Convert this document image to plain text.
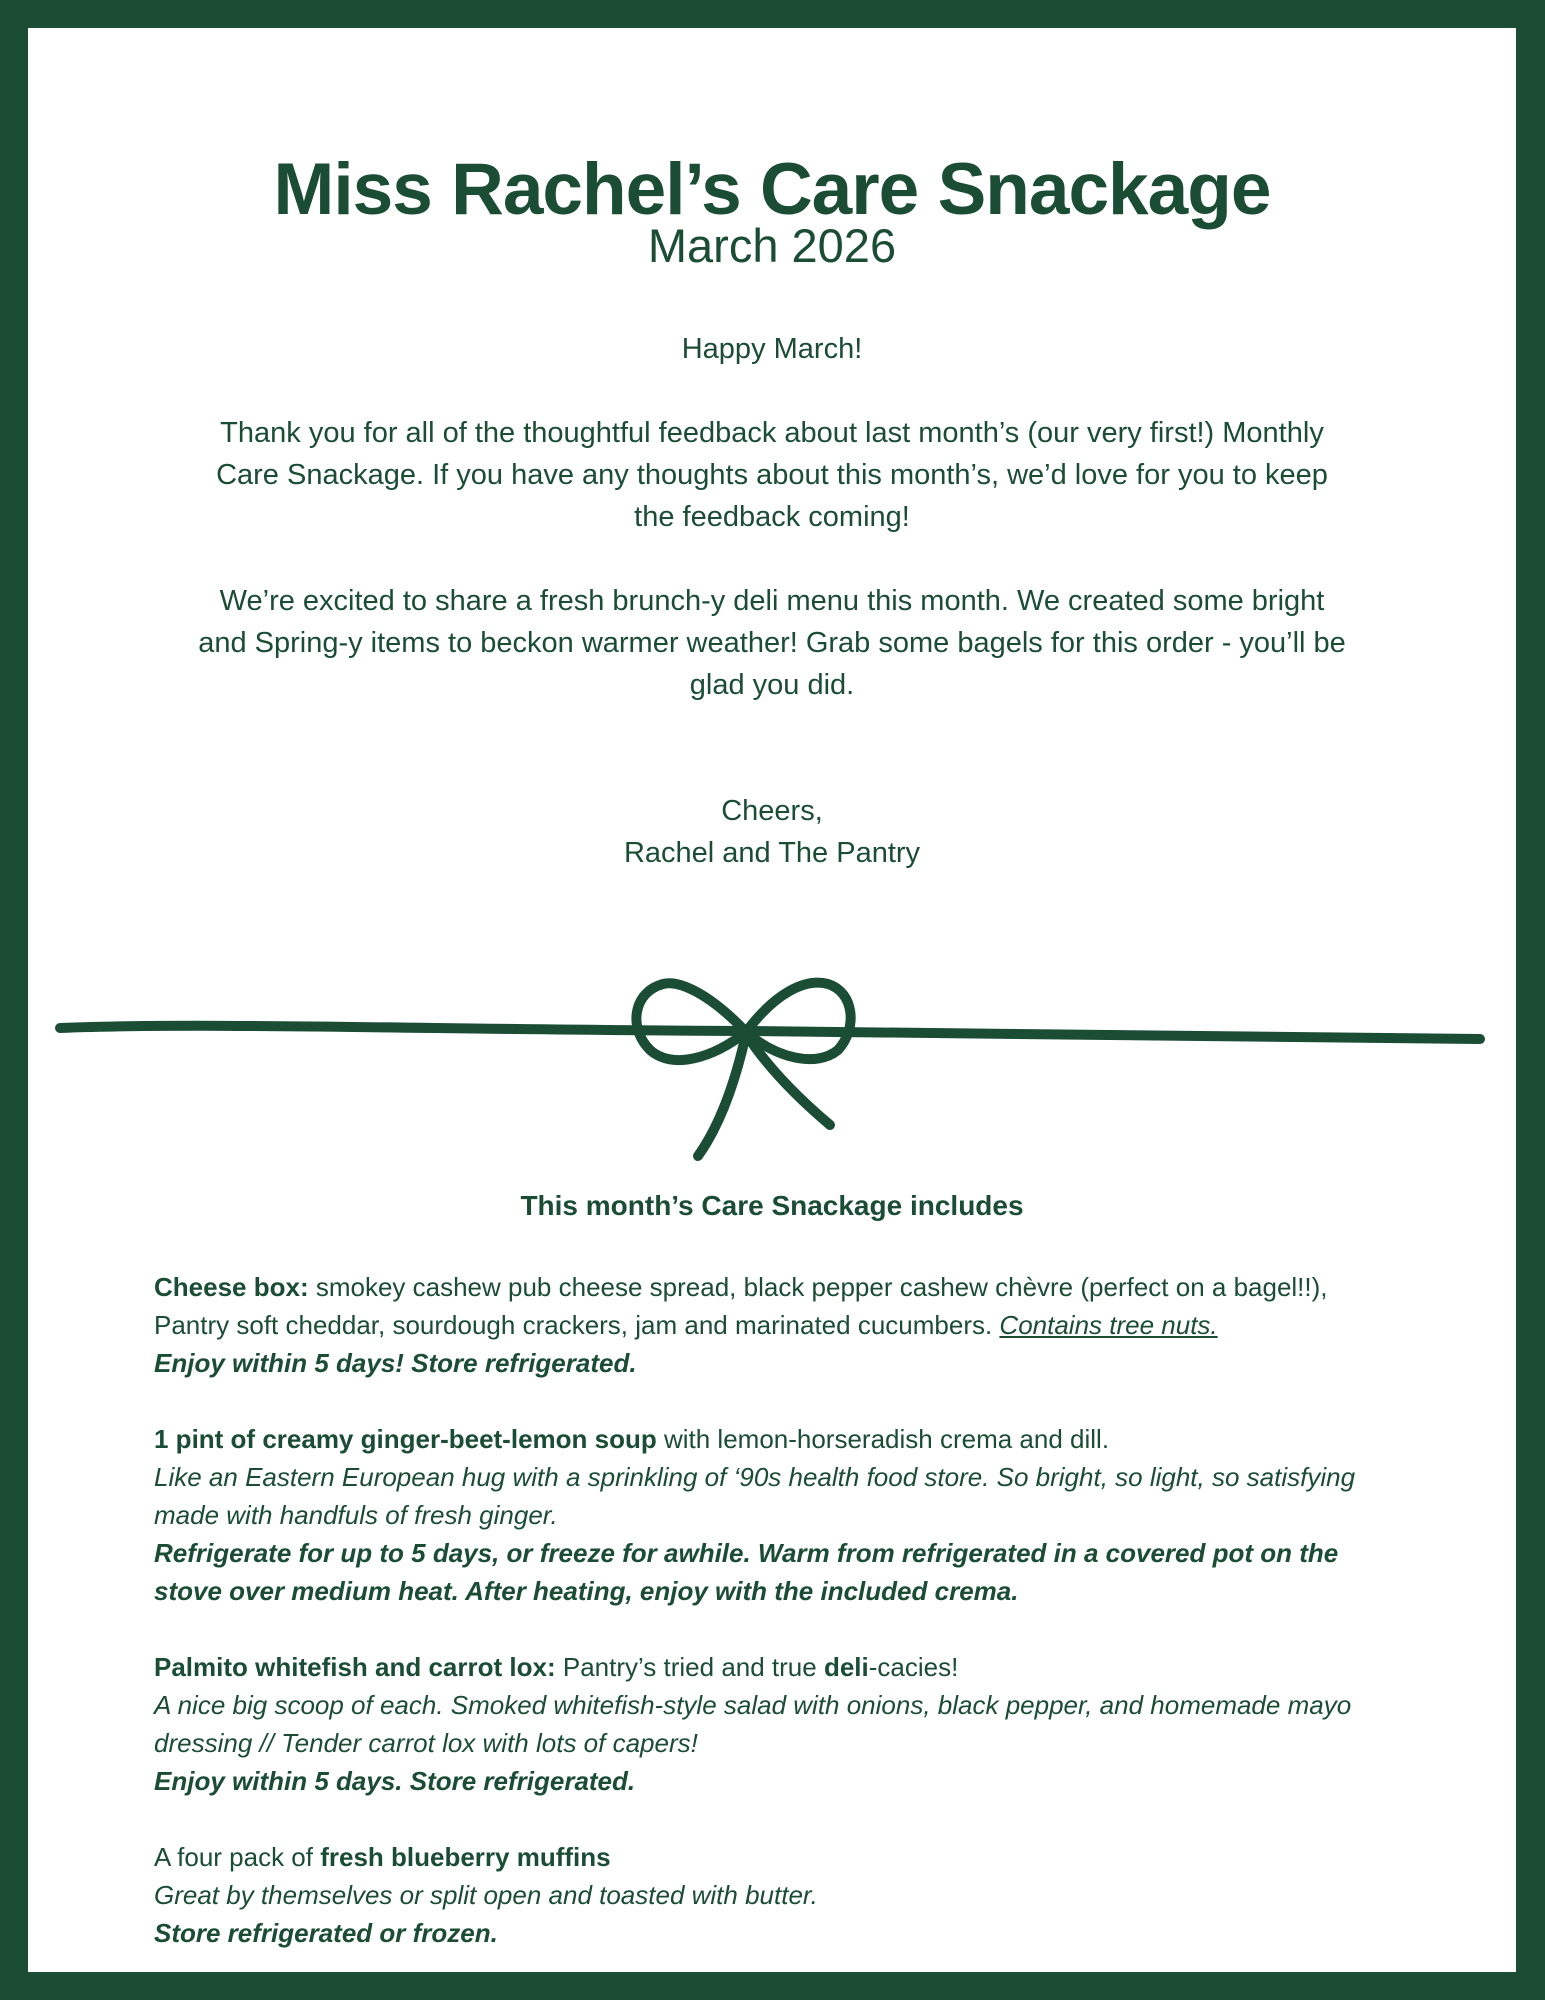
Miss Rachel’s Care Snackage
March 2026

Happy March!

Thank you for all of the thoughtful feedback about last month’s (our very first!) Monthly Care Snackage. If you have any thoughts about this month’s, we’d love for you to keep the feedback coming!

We’re excited to share a fresh brunch-y deli menu this month. We created some bright and Spring-y items to beckon warmer weather! Grab some bagels for this order - you’ll be glad you did.

Cheers,
Rachel and The Pantry

This month’s Care Snackage includes
Cheese box: smokey cashew pub cheese spread, black pepper cashew chèvre (perfect on a bagel!!), Pantry soft cheddar, sourdough crackers, jam and marinated cucumbers. Contains tree nuts.
Enjoy within 5 days! Store refrigerated.
1 pint of creamy ginger-beet-lemon soup with lemon-horseradish crema and dill.
Like an Eastern European hug with a sprinkling of ‘90s health food store. So bright, so light, so satisfying made with handfuls of fresh ginger.
Refrigerate for up to 5 days, or freeze for awhile. Warm from refrigerated in a covered pot on the stove over medium heat. After heating, enjoy with the included crema.
Palmito whitefish and carrot lox: Pantry’s tried and true deli-cacies!
A nice big scoop of each. Smoked whitefish-style salad with onions, black pepper, and homemade mayo dressing // Tender carrot lox with lots of capers!
Enjoy within 5 days. Store refrigerated.
A four pack of fresh blueberry muffins
Great by themselves or split open and toasted with butter.
Store refrigerated or frozen.
